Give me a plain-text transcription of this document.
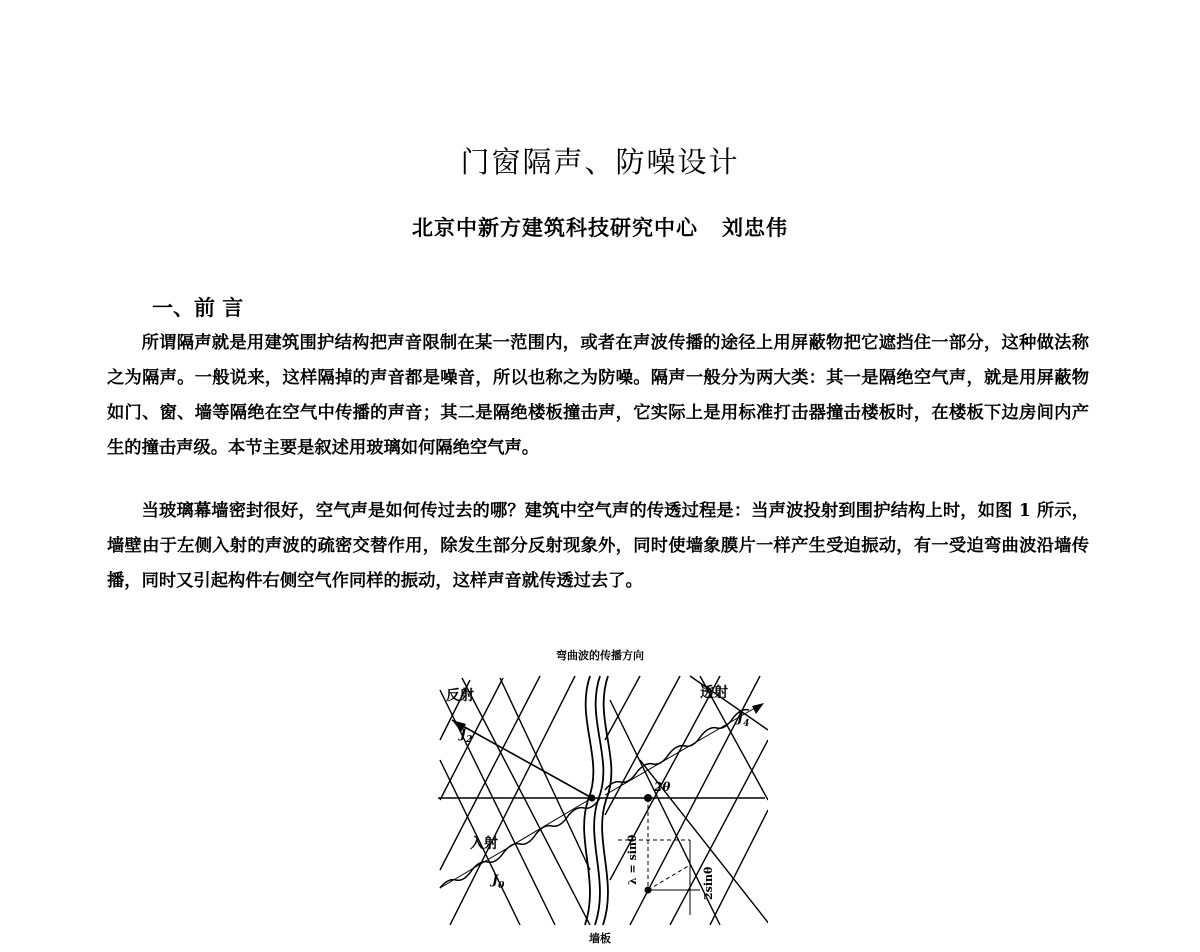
门窗隔声、防噪设计
北京中新方建筑科技研究中心 刘忠伟
一、前 言

所谓隔声就是用建筑围护结构把声音限制在某一范围内，或者在声波传播的途径上用屏蔽物把它遮挡住一部分，这种做法称之为隔声。一般说来，这样隔掉的声音都是噪音，所以也称之为防噪。隔声一般分为两大类：其一是隔绝空气声，就是用屏蔽物如门、窗、墙等隔绝在空气中传播的声音；其二是隔绝楼板撞击声，它实际上是用标准打击器撞击楼板时，在楼板下边房间内产生的撞击声级。本节主要是叙述用玻璃如何隔绝空气声。

当玻璃幕墙密封很好，空气声是如何传过去的哪？建筑中空气声的传透过程是：当声波投射到围护结构上时，如图 1 所示，墙壁由于左侧入射的声波的疏密交替作用，除发生部分反射现象外，同时使墙象膜片一样产生受迫振动，有一受迫弯曲波沿墙传播，同时又引起构件右侧空气作同样的振动，这样声音就传透过去了。

弯曲波的传播方向
反射	透射
入射
$J_2$
$J_4$
$J_0$
2θ
λ = sinθ	2sinθ
墙板
